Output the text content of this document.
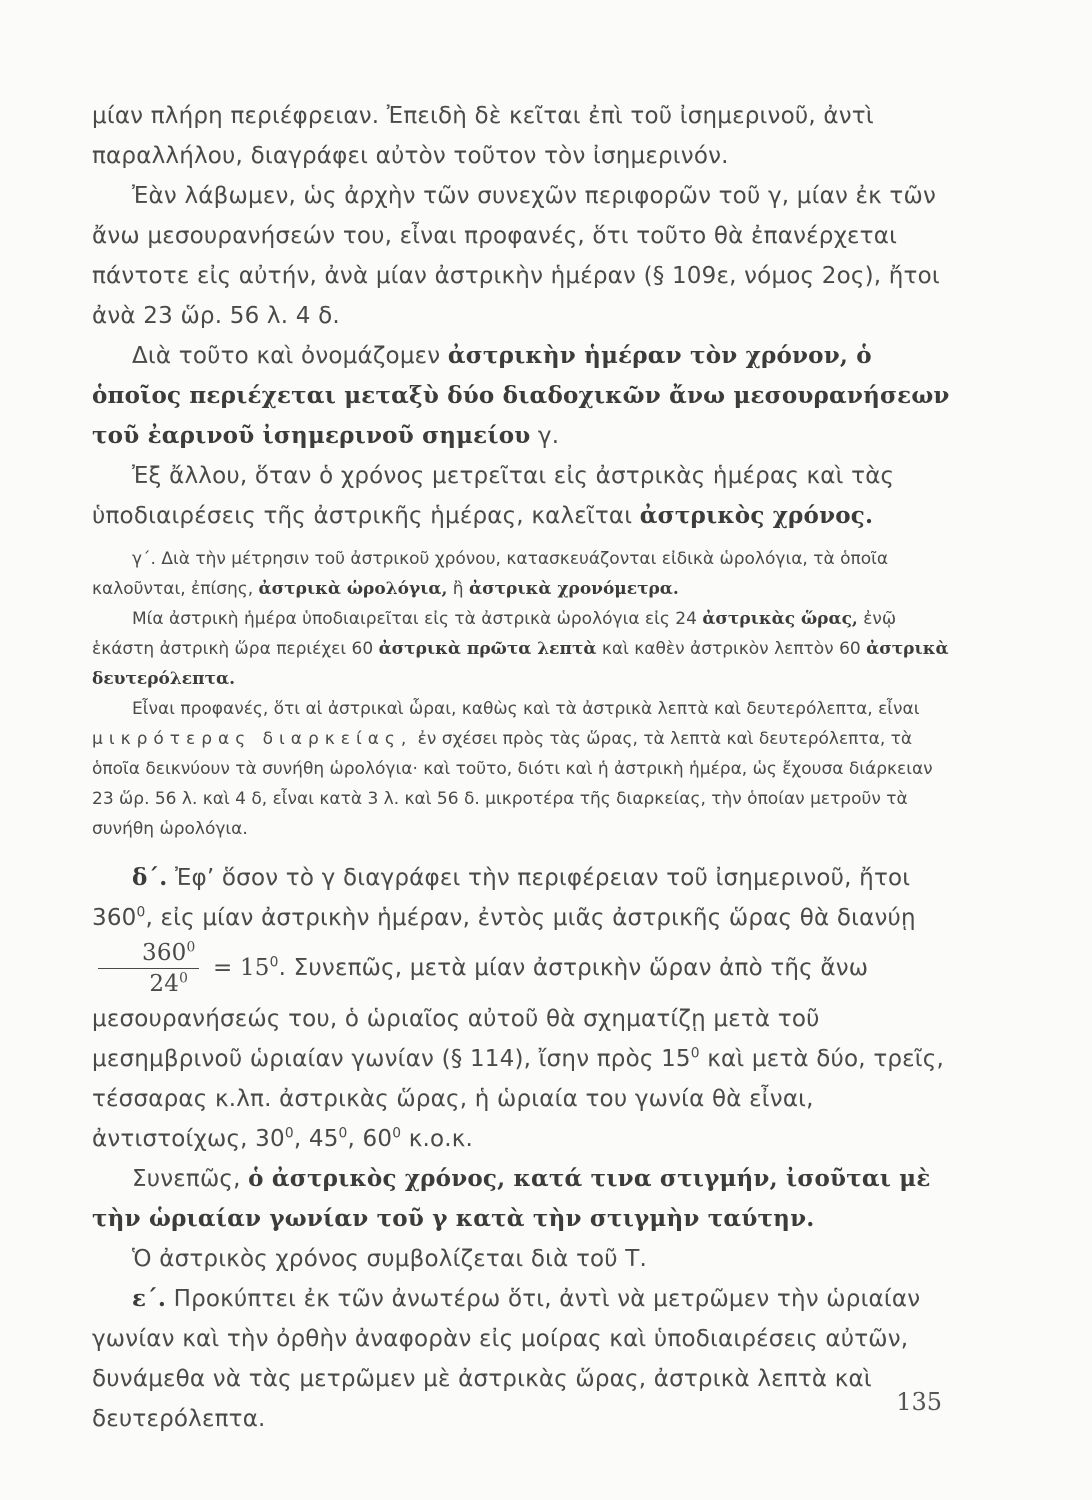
μίαν πλήρη περιέφρειαν. Ἐπειδὴ δὲ κεῖται ἐπὶ τοῦ ἰσημερινοῦ, ἀντὶ παραλλήλου, διαγράφει αὐτὸν τοῦτον τὸν ἰσημερινόν.

Ἐὰν λάβωμεν, ὡς ἀρχὴν τῶν συνεχῶν περιφορῶν τοῦ γ, μίαν ἐκ τῶν ἄνω μεσουρανήσεών του, εἶναι προφανές, ὅτι τοῦτο θὰ ἐπανέρχεται πάντοτε εἰς αὐτήν, ἀνὰ μίαν ἀστρικὴν ἡμέραν (§ 109ε, νόμος 2ος), ἤτοι ἀνὰ 23 ὥρ. 56 λ. 4 δ.

Διὰ τοῦτο καὶ ὀνομάζομεν ἀστρικὴν ἡμέραν τὸν χρόνον, ὁ ὁποῖος περιέχεται μεταξὺ δύο διαδοχικῶν ἄνω μεσουρανήσεων τοῦ ἐαρινοῦ ἰσημερινοῦ σημείου γ.

Ἐξ ἄλλου, ὅταν ὁ χρόνος μετρεῖται εἰς ἀστρικὰς ἡμέρας καὶ τὰς ὑποδιαιρέσεις τῆς ἀστρικῆς ἡμέρας, καλεῖται ἀστρικὸς χρόνος.

γ΄. Διὰ τὴν μέτρησιν τοῦ ἀστρικοῦ χρόνου, κατασκευάζονται εἰδικὰ ὡρολόγια, τὰ ὁποῖα καλοῦνται, ἐπίσης, ἀστρικὰ ὡρολόγια, ἢ ἀστρικὰ χρονόμετρα.

Μία ἀστρικὴ ἡμέρα ὑποδιαιρεῖται εἰς τὰ ἀστρικὰ ὡρολόγια εἰς 24 ἀστρικὰς ὥρας, ἐνῷ ἑκάστη ἀστρικὴ ὥρα περιέχει 60 ἀστρικὰ πρῶτα λεπτὰ καὶ καθὲν ἀστρικὸν λεπτὸν 60 ἀστρικὰ δευτερόλεπτα.

Εἶναι προφανές, ὅτι αἱ ἀστρικαὶ ὧραι, καθὼς καὶ τὰ ἀστρικὰ λεπτὰ καὶ δευτερόλεπτα, εἶναι μικρότερας διαρκείας, ἐν σχέσει πρὸς τὰς ὥρας, τὰ λεπτὰ καὶ δευτερόλεπτα, τὰ ὁποῖα δεικνύουν τὰ συνήθη ὡρολόγια· καὶ τοῦτο, διότι καὶ ἡ ἀστρικὴ ἡμέρα, ὡς ἔχουσα διάρκειαν 23 ὥρ. 56 λ. καὶ 4 δ, εἶναι κατὰ 3 λ. καὶ 56 δ. μικροτέρα τῆς διαρκείας, τὴν ὁποίαν μετροῦν τὰ συνήθη ὡρολόγια.

δ΄. Ἐφ’ ὅσον τὸ γ διαγράφει τὴν περιφέρειαν τοῦ ἰσημερινοῦ, ἤτοι $360^0$, εἰς μίαν ἀστρικὴν ἡμέραν, ἐντὸς μιᾶς ἀστρικῆς ὥρας θὰ διανύῃ
$\frac{360^0}{24^0} = 15^0$. Συνεπῶς, μετὰ μίαν ἀστρικὴν ὥραν ἀπὸ τῆς ἄνω μεσουρανήσεώς του, ὁ ὡριαῖος αὐτοῦ θὰ σχηματίζῃ μετὰ τοῦ μεσημβρινοῦ ὡριαίαν γωνίαν (§ 114), ἴσην πρὸς $15^0$ καὶ μετὰ δύο, τρεῖς, τέσσαρας κ.λπ. ἀστρικὰς ὥρας, ἡ ὡριαία του γωνία θὰ εἶναι, ἀντιστοίχως, $30^0$, $45^0$, $60^0$ κ.ο.κ.

Συνεπῶς, ὁ ἀστρικὸς χρόνος, κατά τινα στιγμήν, ἰσοῦται μὲ τὴν ὡριαίαν γωνίαν τοῦ γ κατὰ τὴν στιγμὴν ταύτην.

Ὁ ἀστρικὸς χρόνος συμβολίζεται διὰ τοῦ Τ.

ε΄. Προκύπτει ἐκ τῶν ἀνωτέρω ὅτι, ἀντὶ νὰ μετρῶμεν τὴν ὡριαίαν γωνίαν καὶ τὴν ὀρθὴν ἀναφορὰν εἰς μοίρας καὶ ὑποδιαιρέσεις αὐτῶν, δυνάμεθα νὰ τὰς μετρῶμεν μὲ ἀστρικὰς ὥρας, ἀστρικὰ λεπτὰ καὶ δευτερόλεπτα.

135
